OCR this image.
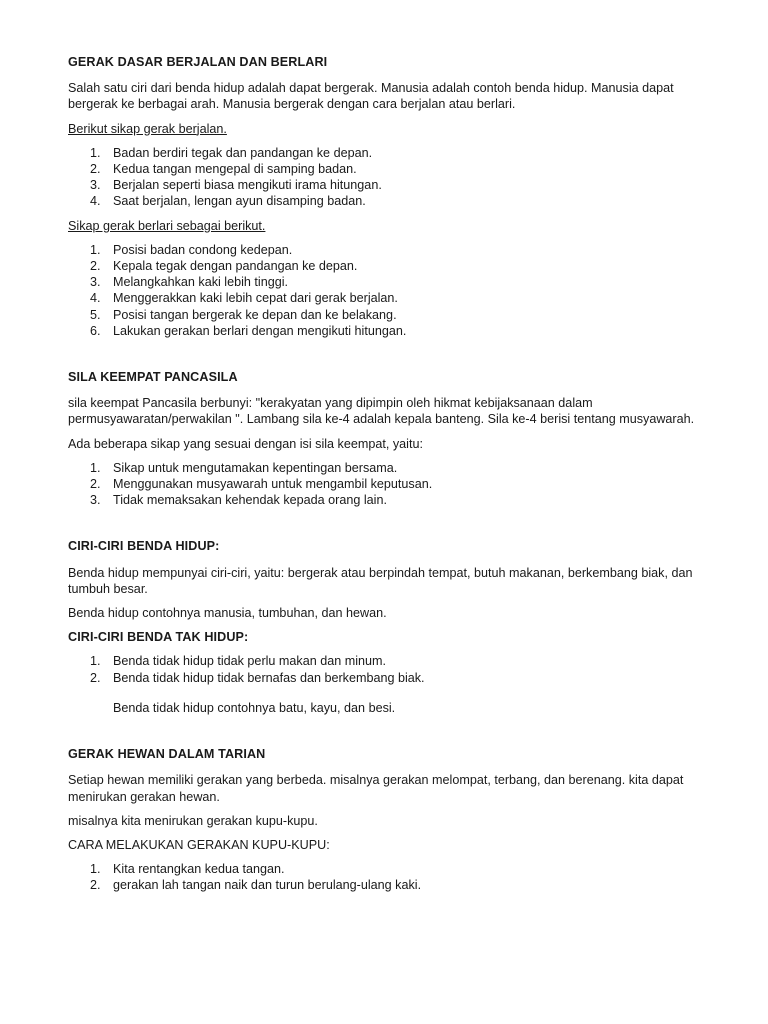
GERAK DASAR BERJALAN DAN BERLARI
Salah satu ciri dari benda hidup adalah dapat bergerak. Manusia adalah contoh benda hidup. Manusia dapat bergerak ke berbagai arah. Manusia bergerak dengan cara berjalan atau berlari.
Berikut sikap gerak berjalan.
1. Badan berdiri tegak dan pandangan ke depan.
2. Kedua tangan mengepal di samping badan.
3. Berjalan seperti biasa mengikuti irama hitungan.
4. Saat berjalan, lengan ayun disamping badan.
Sikap gerak berlari sebagai berikut.
1. Posisi badan condong kedepan.
2. Kepala tegak dengan pandangan ke depan.
3. Melangkahkan kaki lebih tinggi.
4. Menggerakkan kaki lebih cepat dari gerak berjalan.
5. Posisi tangan bergerak ke depan dan ke belakang.
6. Lakukan gerakan berlari dengan mengikuti hitungan.
SILA KEEMPAT PANCASILA
sila keempat Pancasila berbunyi: "kerakyatan yang dipimpin oleh hikmat kebijaksanaan dalam permusyawaratan/perwakilan ". Lambang sila ke-4 adalah kepala banteng. Sila ke-4 berisi tentang musyawarah.
Ada beberapa sikap yang sesuai dengan isi sila keempat, yaitu:
1. Sikap untuk mengutamakan kepentingan bersama.
2. Menggunakan musyawarah untuk mengambil keputusan.
3. Tidak memaksakan kehendak kepada orang lain.
CIRI-CIRI BENDA HIDUP:
Benda hidup mempunyai ciri-ciri, yaitu: bergerak atau berpindah tempat, butuh makanan, berkembang biak, dan tumbuh besar.
Benda hidup contohnya manusia, tumbuhan, dan hewan.
CIRI-CIRI BENDA TAK HIDUP:
1. Benda tidak hidup tidak perlu makan dan minum.
2. Benda tidak hidup tidak bernafas dan berkembang biak.
Benda tidak hidup contohnya batu, kayu, dan besi.
GERAK HEWAN DALAM TARIAN
Setiap hewan memiliki gerakan yang berbeda. misalnya gerakan melompat, terbang, dan berenang. kita dapat menirukan gerakan hewan.
misalnya kita menirukan gerakan kupu-kupu.
CARA MELAKUKAN GERAKAN KUPU-KUPU:
1. Kita rentangkan kedua tangan.
2. gerakan lah tangan naik dan turun berulang-ulang kaki.
